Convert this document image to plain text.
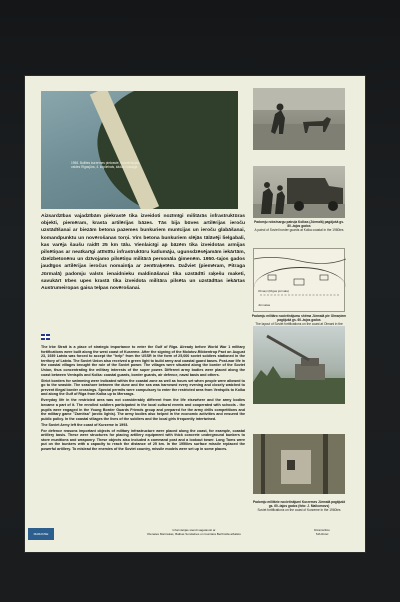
1958. Bullites kurzemes piekraste, koordinācijas valdes Rigasjūra, 4. kopliehals, kādas nostaļga
Padomju robežsargu patruļa Kolkas (Jūrmalā) pagājušā gs. 80.-tajos gados
A patrol of Soviet border guards at Kolka coastal in the 1980ies
Olmaņi (Rīgas jūrmala)
Jūrmalas
Padomju militāro nocietinājumu shēma Jūrmalā pie Olmaņiem pagājušā gs. 60.-tajos gados
The layout of Soviet fortifications on the coast at Olmani in the
Padomju militārie nocietinājumi Kurzemes Jūrmalā pagājušā gs. 60.-tajos gados (foto: J. Maikomovs)
Soviet fortifications on the coast of Kurzeme in the 1960ies
Aizsardzības vajadzībām piekrastē tika izveidoti nozīmīgi militārās infrastruktūras objekti, piemēram, krasta artilērijas bāzes. Tās bija būves artilērijas ieroču uzstādīšanai ar biezām betona pazemes bunkuriem munīcijas un ieroču glabāšanai, komandpunktu un novērošanas torņi. Virs betona bunkuriem slējās tālāvēji lielgabali, kas varēja šaušu raidīt 25 km tālu. Vienlaicīgi ap bāzēm tika izveidotas armijas pilsētiņas ar neatkarīgi attīstītu infrastruktūru katlumāju, ugunsdzēsējamām iekārtām, dzelzbetonēnu un dzīvojamo pilsētiņu militārā personāla ģimenēm. 1950.-tajos gados jaudīgos artilērijas ieročus nomainīja ar zenītraķetēm. Dažviet (piemēram, Pitraga Jūrmalā) padomju valsts ienaidnieku maldināšanai tika uzstādīti raķešu maketi, savukārt Irbes upes krastā tika izveidota militāra pilsēta un uzstādītas iekārtas Austrumeiropas gaisa telpas novērošanai.

The Irbe Strait is a place of strategic importance to enter the Gulf of Riga. Already before World War 1 military fortifications were built along the west coast of Kurzeme. After the signing of the Molotov-Ribbentrop Pact on August 23, 1939 Latvia was forced to accept the "help" from the USSR in the form of 25,000 soviet soldiers stationed in the territory of Latvia. The Soviet Union also received a green light to build army and coastal guard bases. Post-war life in the coastal villages brought the rule of the Soviet power. The villages were situated along the border of the Soviet Union, thus concentrating the military interests of the super power. Different army bodies were placed along the coast between Ventspils and Kolka: coastal guards, border guards, air defence, naval basis and others.

Strict borders for swimming were indicated within the coastal zone as well as hours set when people were allowed to go to the seaside. The seashore between the dune and the sea was harrowed every evening and closely watched to prevent illegal border crossings. Special permits were compulsory to enter the restricted area from Ventspils to Kolka and along the Gulf of Riga from Kolka up to Mersrags.

Everyday life in the restricted area was not considerably different from the life elsewhere and the army bodies became a part of it. The enrolled soldiers participated in the local cultural events and cooperated with schools - the pupils were engaged in the Young Border Guards Friends group and prepared for the army drills competitions and the military game "Zarnitsa" (arctic lights). The army bodies also helped in the economic activities and ensured the public policy. In the coastal villages the lives of the soldiers and the local girls frequently intertwined.

The Soviet Army left the coast of Kurzeme in 1993.

For defence reasons important objects of military infrastructure were placed along the coast, for example, coastal artillery basis. These were structures for placing artillery equipment with thick concrete underground bunkers to store munitions and weaponry. These objects also included a command post and a lookout tower. Long Toms were put on the bunkers with a capacity to reach the distance of 25 km. In the 1950ies surface missile replaced the powerful artillery. To mislead the enemies of the Soviet country, missile models were set up in some places.

MARANSE
Informācijas stendi sagatavoti ar
Olenates Marinskas, Baibas Sondalnes un Gunitara Bertholda atbalstu
Dizains/foto
SIA Rotel
